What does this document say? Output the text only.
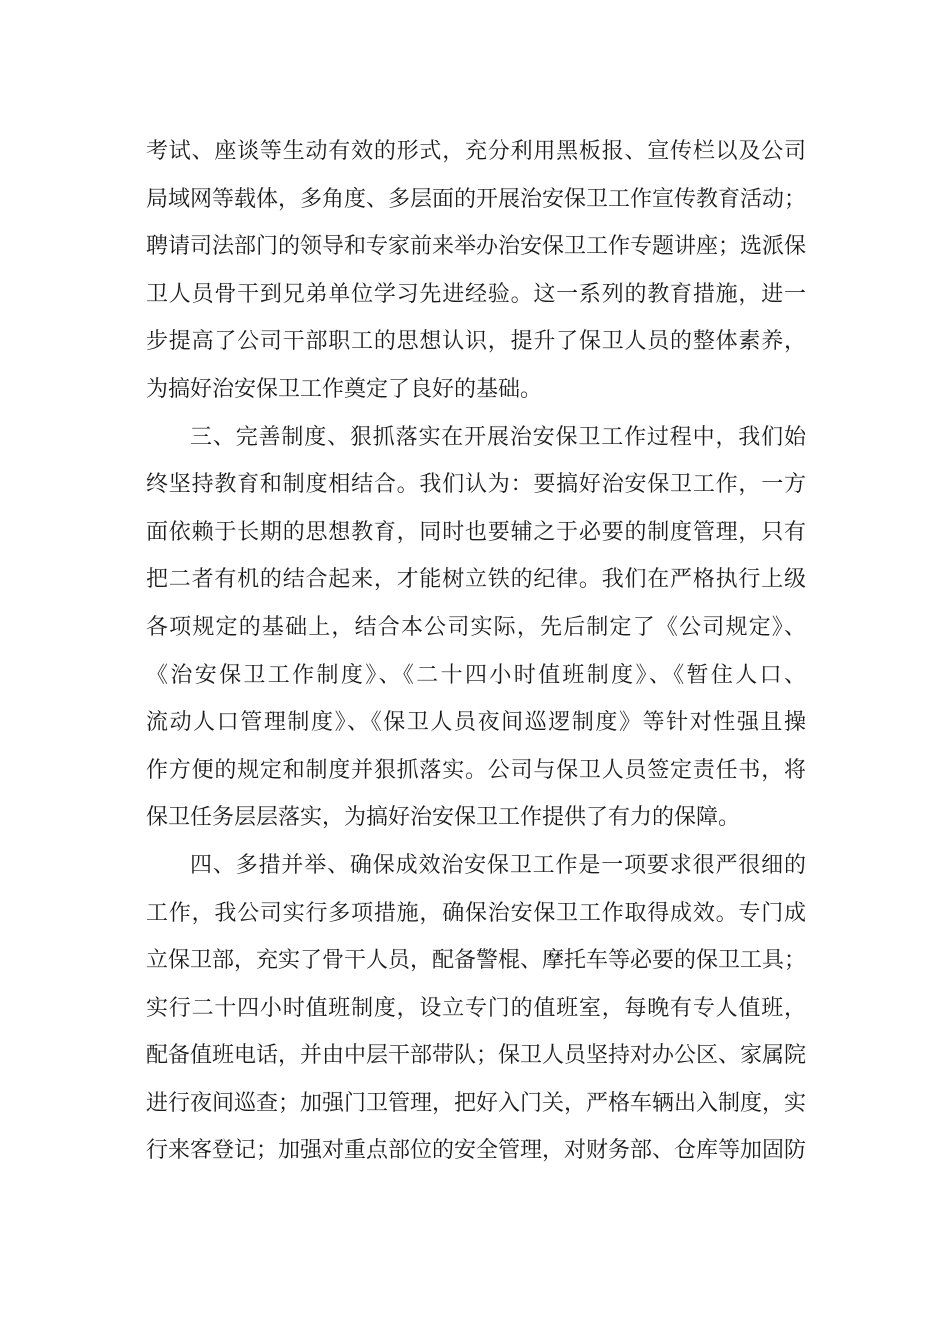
考试、座谈等生动有效的形式，充分利用黑板报、宣传栏以及公司
局域网等载体，多角度、多层面的开展治安保卫工作宣传教育活动；
聘请司法部门的领导和专家前来举办治安保卫工作专题讲座；选派保
卫人员骨干到兄弟单位学习先进经验。这一系列的教育措施，进一
步提高了公司干部职工的思想认识，提升了保卫人员的整体素养，
为搞好治安保卫工作奠定了良好的基础。
三、完善制度、狠抓落实在开展治安保卫工作过程中，我们始
终坚持教育和制度相结合。我们认为：要搞好治安保卫工作，一方
面依赖于长期的思想教育，同时也要辅之于必要的制度管理，只有
把二者有机的结合起来，才能树立铁的纪律。我们在严格执行上级
各项规定的基础上，结合本公司实际，先后制定了《公司规定》、
《治安保卫工作制度》、《二十四小时值班制度》、《暂住人口、
流动人口管理制度》、《保卫人员夜间巡逻制度》等针对性强且操
作方便的规定和制度并狠抓落实。公司与保卫人员签定责任书，将
保卫任务层层落实，为搞好治安保卫工作提供了有力的保障。
四、多措并举、确保成效治安保卫工作是一项要求很严很细的
工作，我公司实行多项措施，确保治安保卫工作取得成效。专门成
立保卫部，充实了骨干人员，配备警棍、摩托车等必要的保卫工具；
实行二十四小时值班制度，设立专门的值班室，每晚有专人值班，
配备值班电话，并由中层干部带队；保卫人员坚持对办公区、家属院
进行夜间巡查；加强门卫管理，把好入门关，严格车辆出入制度，实
行来客登记；加强对重点部位的安全管理，对财务部、仓库等加固防
